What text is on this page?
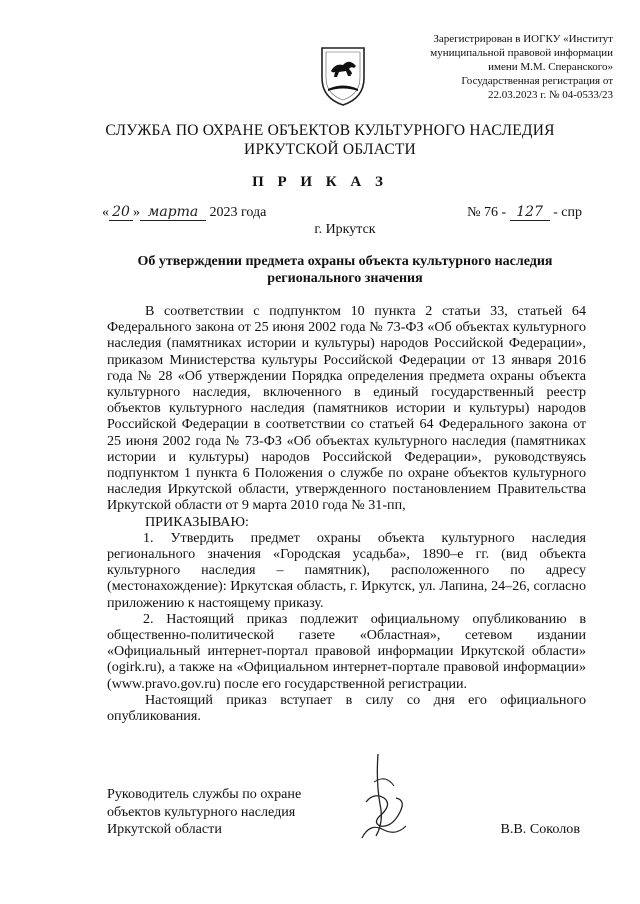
Зарегистрирован в ИОГКУ «Институт
муниципальной правовой информации
имени М.М. Сперанского»
Государственная регистрация от
22.03.2023 г. № 04-0533/23
СЛУЖБА ПО ОХРАНЕ ОБЪЕКТОВ КУЛЬТУРНОГО НАСЛЕДИЯ
ИРКУТСКОЙ ОБЛАСТИ
П Р И К А З
« 20 » марта 2023 года	№ 76 - 127 - спр
г. Иркутск
Об утверждении предмета охраны объекта культурного наследия
регионального значения

В соответствии с подпунктом 10 пункта 2 статьи 33, статьей 64 Федерального закона от 25 июня 2002 года № 73-ФЗ «Об объектах культурного наследия (памятниках истории и культуры) народов Российской Федерации», приказом Министерства культуры Российской Федерации от 13 января 2016 года № 28 «Об утверждении Порядка определения предмета охраны объекта культурного наследия, включенного в единый государственный реестр объектов культурного наследия (памятников истории и культуры) народов Российской Федерации в соответствии со статьей 64 Федерального закона от 25 июня 2002 года № 73-ФЗ «Об объектах культурного наследия (памятниках истории и культуры) народов Российской Федерации», руководствуясь подпунктом 1 пункта 6 Положения о службе по охране объектов культурного наследия Иркутской области, утвержденного постановлением Правительства Иркутской области от 9 марта 2010 года № 31-пп,

ПРИКАЗЫВАЮ:

1. Утвердить предмет охраны объекта культурного наследия регионального значения «Городская усадьба», 1890–е гг. (вид объекта культурного наследия – памятник), расположенного по адресу (местонахождение): Иркутская область, г. Иркутск, ул. Лапина, 24–26, согласно приложению к настоящему приказу.

2. Настоящий приказ подлежит официальному опубликованию в общественно-политической газете «Областная», сетевом издании «Официальный интернет-портал правовой информации Иркутской области» (ogirk.ru), а также на «Официальном интернет-портале правовой информации» (www.pravo.gov.ru) после его государственной регистрации.

Настоящий приказ вступает в силу со дня его официального опубликования.

Руководитель службы по охране
объектов культурного наследия
Иркутской области	В.В. Соколов
